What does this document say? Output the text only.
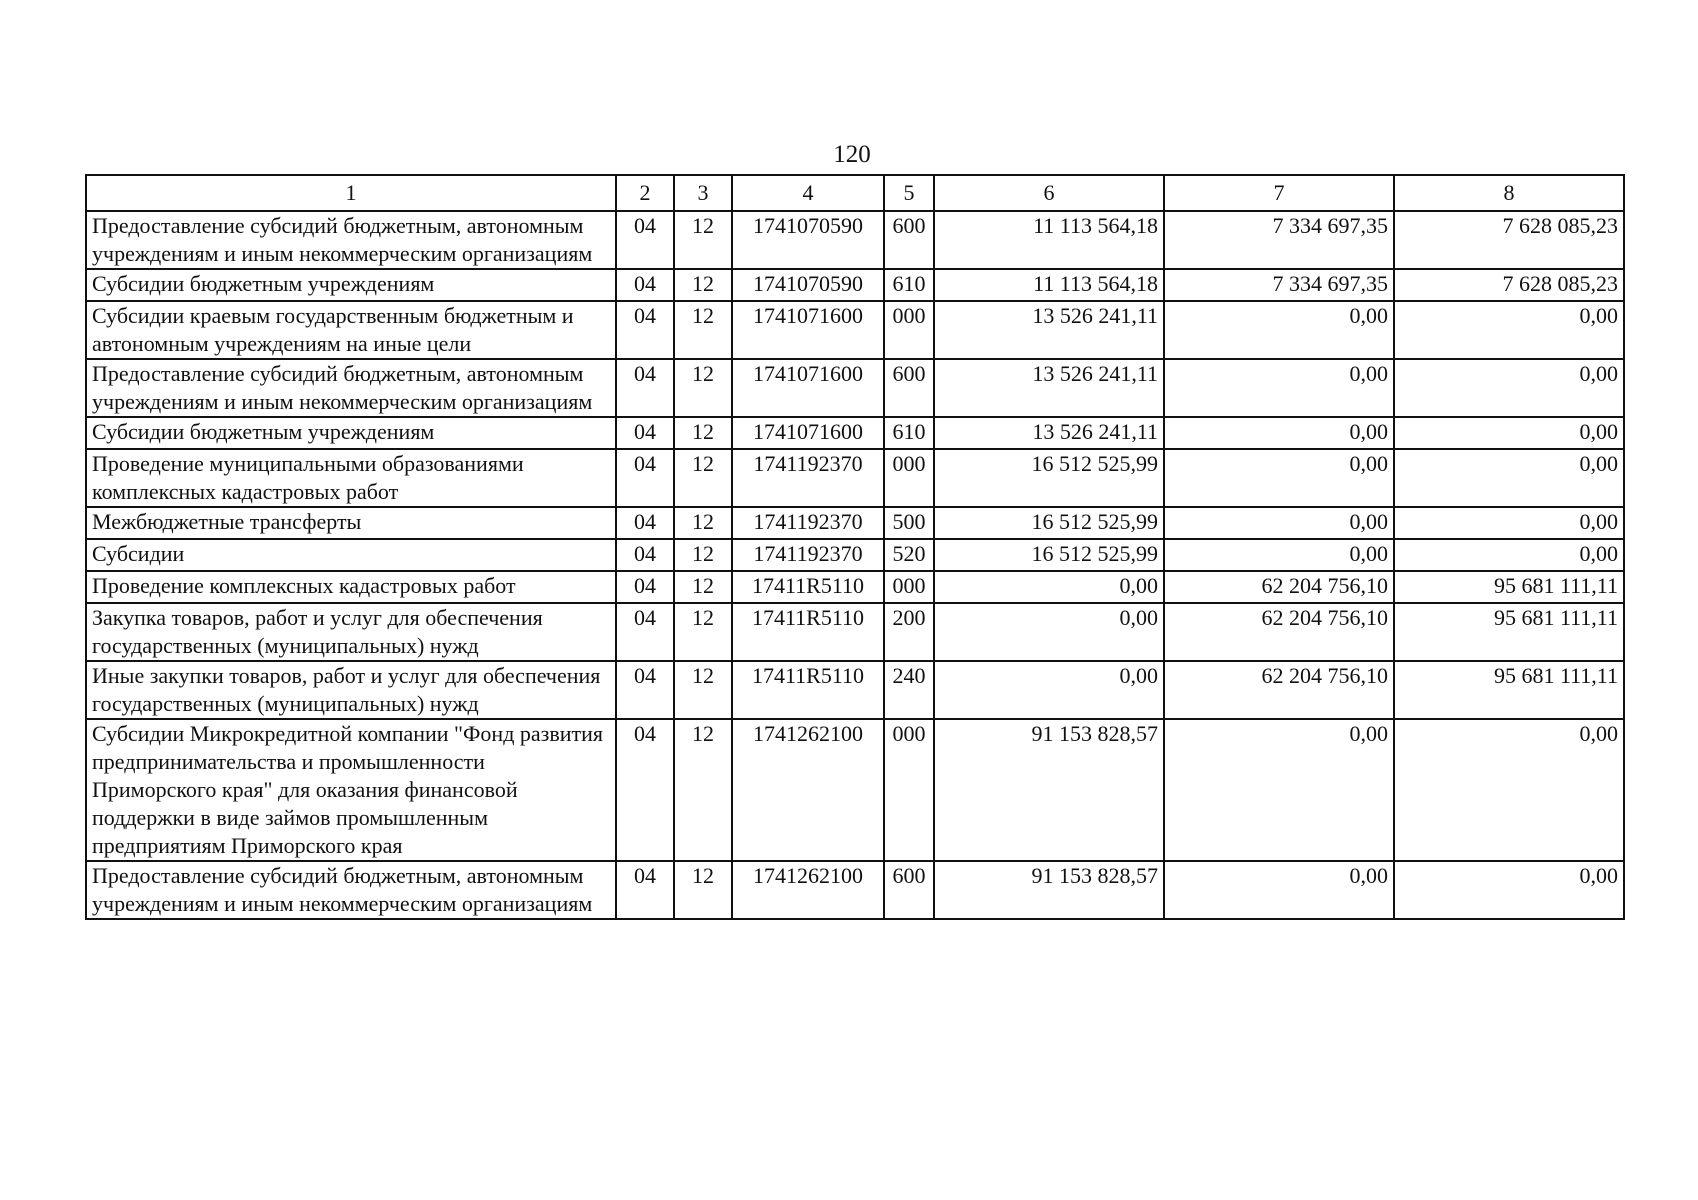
120
1	2	3	4	5	6	7	8
Предоставление субсидий бюджетным, автономным учреждениям и иным некоммерческим организациям	04	12	1741070590	600	11 113 564,18	7 334 697,35	7 628 085,23
Субсидии бюджетным учреждениям	04	12	1741070590	610	11 113 564,18	7 334 697,35	7 628 085,23
Субсидии краевым государственным бюджетным и автономным учреждениям на иные цели	04	12	1741071600	000	13 526 241,11	0,00	0,00
Предоставление субсидий бюджетным, автономным учреждениям и иным некоммерческим организациям	04	12	1741071600	600	13 526 241,11	0,00	0,00
Субсидии бюджетным учреждениям	04	12	1741071600	610	13 526 241,11	0,00	0,00
Проведение муниципальными образованиями комплексных кадастровых работ	04	12	1741192370	000	16 512 525,99	0,00	0,00
Межбюджетные трансферты	04	12	1741192370	500	16 512 525,99	0,00	0,00
Субсидии	04	12	1741192370	520	16 512 525,99	0,00	0,00
Проведение комплексных кадастровых работ	04	12	17411R5110	000	0,00	62 204 756,10	95 681 111,11
Закупка товаров, работ и услуг для обеспечения государственных (муниципальных) нужд	04	12	17411R5110	200	0,00	62 204 756,10	95 681 111,11
Иные закупки товаров, работ и услуг для обеспечения государственных (муниципальных) нужд	04	12	17411R5110	240	0,00	62 204 756,10	95 681 111,11
Субсидии Микрокредитной компании "Фонд развития предпринимательства и промышленности Приморского края" для оказания финансовой поддержки в виде займов промышленным предприятиям Приморского края	04	12	1741262100	000	91 153 828,57	0,00	0,00
Предоставление субсидий бюджетным, автономным учреждениям и иным некоммерческим организациям	04	12	1741262100	600	91 153 828,57	0,00	0,00
